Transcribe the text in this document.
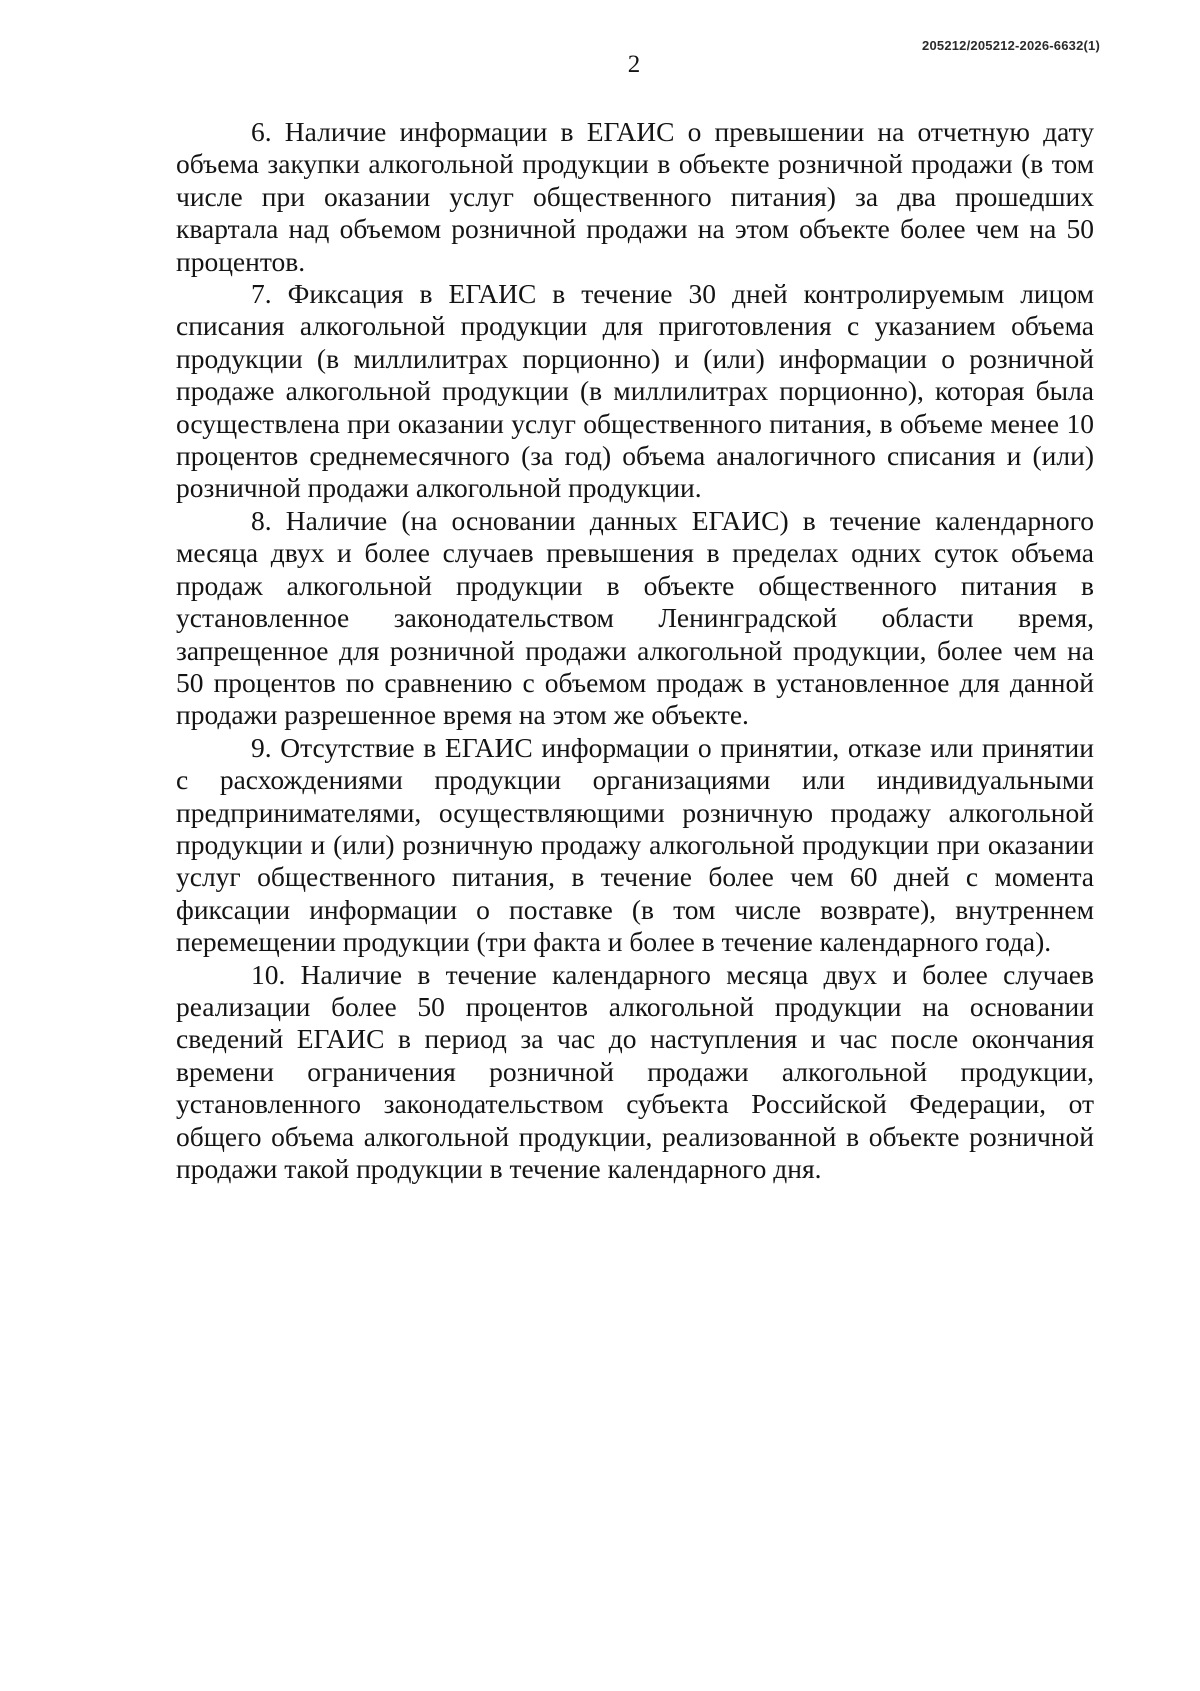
205212/205212-2026-6632(1)
2

6. Наличие информации в ЕГАИС о превышении на отчетную дату объема закупки алкогольной продукции в объекте розничной продажи (в том числе при оказании услуг общественного питания) за два прошедших квартала над объемом розничной продажи на этом объекте более чем на 50 процентов.

7. Фиксация в ЕГАИС в течение 30 дней контролируемым лицом списания алкогольной продукции для приготовления с указанием объема продукции (в миллилитрах порционно) и (или) информации о розничной продаже алкогольной продукции (в миллилитрах порционно), которая была осуществлена при оказании услуг общественного питания, в объеме менее 10 процентов среднемесячного (за год) объема аналогичного списания и (или) розничной продажи алкогольной продукции.

8. Наличие (на основании данных ЕГАИС) в течение календарного месяца двух и более случаев превышения в пределах одних суток объема продаж алкогольной продукции в объекте общественного питания в установленное законодательством Ленинградской области время, запрещенное для розничной продажи алкогольной продукции, более чем на 50 процентов по сравнению с объемом продаж в установленное для данной продажи разрешенное время на этом же объекте.

9. Отсутствие в ЕГАИС информации о принятии, отказе или принятии с расхождениями продукции организациями или индивидуальными предпринимателями, осуществляющими розничную продажу алкогольной продукции и (или) розничную продажу алкогольной продукции при оказании услуг общественного питания, в течение более чем 60 дней с момента фиксации информации о поставке (в том числе возврате), внутреннем перемещении продукции (три факта и более в течение календарного года).

10. Наличие в течение календарного месяца двух и более случаев реализации более 50 процентов алкогольной продукции на основании сведений ЕГАИС в период за час до наступления и час после окончания времени ограничения розничной продажи алкогольной продукции, установленного законодательством субъекта Российской Федерации, от общего объема алкогольной продукции, реализованной в объекте розничной продажи такой продукции в течение календарного дня.
